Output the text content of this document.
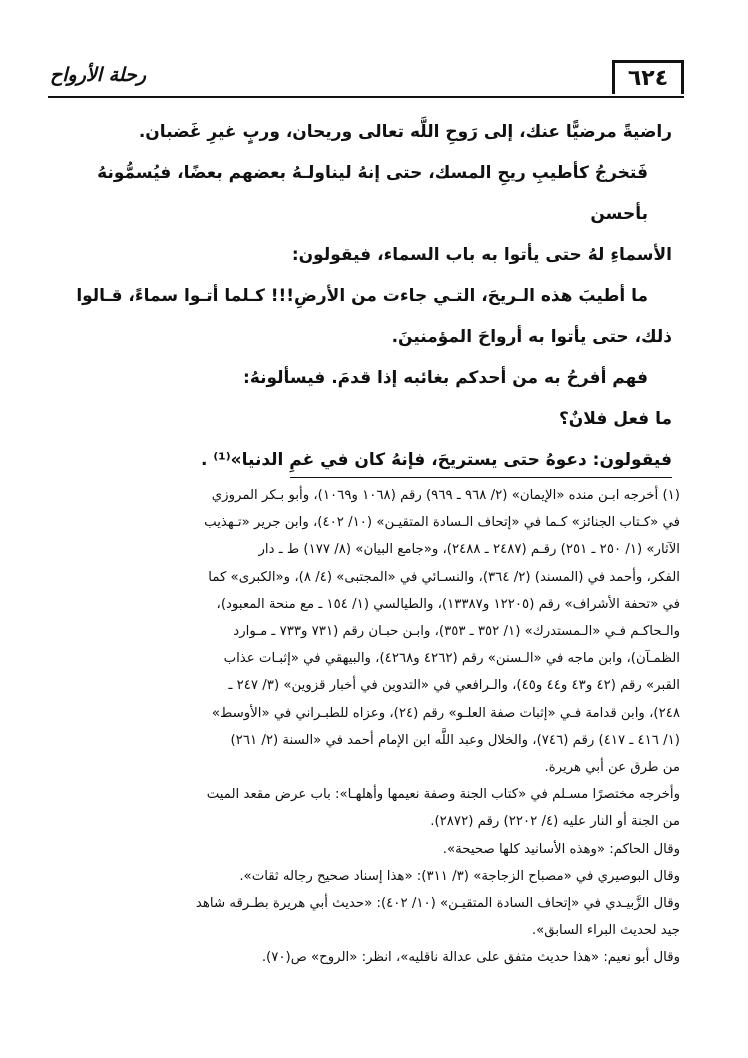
٦٢٤
رحلة الأرواح

راضيةً مرضيًّا عنك، إلى رَوحِ اللَّه تعالى وريحان، وربٍ غيرِ غَضبان.

فَتخرجُ كأطيبِ ريحِ المسك، حتى إنهُ ليناولـهُ بعضهم بعضًا، فيُسمُّونهُ بأحسن

الأسماءِ لهُ حتى يأتوا به باب السماء، فيقولون:

ما أطيبَ هذه الـريحَ، التـي جاءت من الأرضِ!!! كـلما أتـوا سماءً، قـالوا

ذلك، حتى يأتوا به أرواحَ المؤمنينَ.

فهم أفرحُ به من أحدكم بغائبه إذا قدمَ. فيسألونهُ:

ما فعل فلانٌ؟

فيقولون: دعوهُ حتى يستريحَ، فإنهُ كان في غمِ الدنيا»⁽¹⁾ .

(١) أخرجه ابـن منده «الإيمان» (٢/ ٩٦٨ ـ ٩٦٩) رقم (١٠٦٨ و١٠٦٩)، وأبو بـكر المروزي

في «كـتاب الجنائز» كـما في «إتحاف الـسادة المتقيـن» (١٠/ ٤٠٢)، وابن جرير «تـهذيب

الآثار» (١/ ٢٥٠ ـ ٢٥١) رقـم (٢٤٨٧ ـ ٢٤٨٨)، و«جامع البيان» (٨/ ١٧٧) ط ـ دار

الفكر، وأحمد في (المسند) (٢/ ٣٦٤)، والنسـائي في «المجتبى» (٤/ ٨)، و«الكبرى» كما

في «تحفة الأشراف» رقم (١٢٢٠٥ و١٣٣٨٧)، والطيالسي (١/ ١٥٤ ـ مع منحة المعبود)،

والـحاكـم فـي «الـمستدرك» (١/ ٣٥٢ ـ ٣٥٣)، وابـن حبـان رقم (٧٣١ و٧٣٣ ـ مـوارد

الظمـآن)، وابن ماجه في «الـسنن» رقم (٤٢٦٢ و٤٢٦٨)، والبيهقي في «إثبـات عذاب

القبر» رقم (٤٢ و٤٣ و٤٤ و٤٥)، والـرافعي في «التدوين في أخبار قزوين» (٣/ ٢٤٧ ـ

٢٤٨)، وابن قدامة فـي «إثبات صفة العلـو» رقم (٢٤)، وعزاه للطبـراني في «الأوسط»

(١/ ٤١٦ ـ ٤١٧) رقم (٧٤٦)، والخلال وعبد اللَّه ابن الإمام أحمد في «السنة (٢/ ٢٦١)

من طرق عن أبي هريرة.

وأخرجه مختصرًا مسـلم في «كتاب الجنة وصفة نعيمها وأهلهـا»: باب عرض مقعد الميت

من الجنة أو النار عليه (٤/ ٢٢٠٢) رقم (٢٨٧٢).

وقال الحاكم: «وهذه الأسانيد كلها صحيحة».

وقال البوصيري في «مصباح الزجاجة» (٣/ ٣١١): «هذا إسناد صحيح رجاله ثقات».

وقال الزَّبيـدي في «إتحاف السادة المتقيـن» (١٠/ ٤٠٢): «حديث أبي هريرة بطـرقه شاهد

جيد لحديث البراء السابق».

وقال أبو نعيم: «هذا حديث متفق على عدالة ناقليه»، انظر: «الروح» ص(٧٠).
